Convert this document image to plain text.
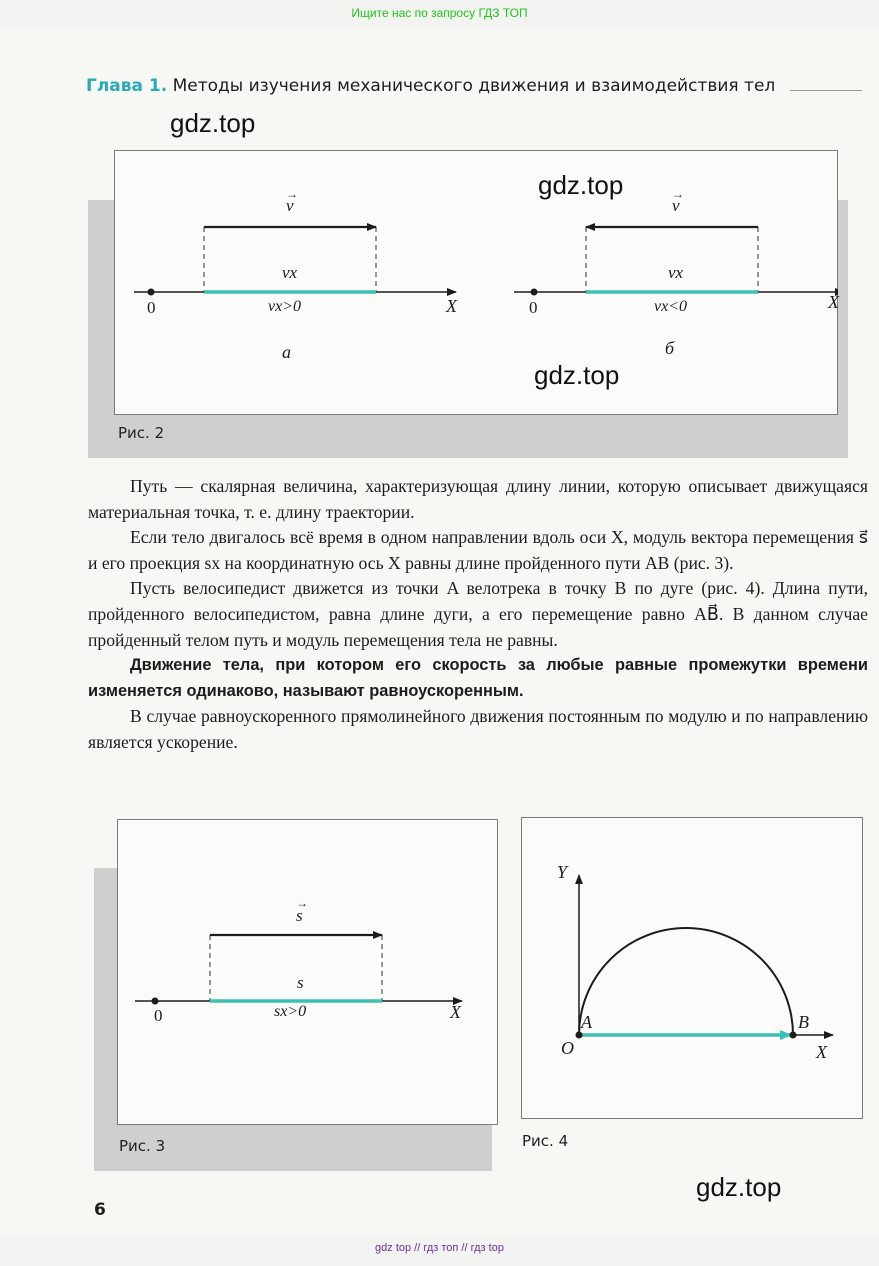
Ищите нас по запросу ГДЗ ТОП
Глава 1. Методы изучения механического движения и взаимодействия тел
→
v
vx
vx>0
0	X
а
→
v
vx
vx<0
0	X
б
Рис. 2
gdz.top
gdz.top
gdz.top
gdz.top

Путь — скалярная величина, характеризующая длину линии, которую описывает движущаяся материальная точка, т. е. длину траектории.

Если тело двигалось всё время в одном направлении вдоль оси X, модуль вектора перемещения s⃗ и его проекция sx на координатную ось X равны длине пройденного пути AB (рис. 3).

Пусть велосипедист движется из точки A велотрека в точку B по дуге (рис. 4). Длина пути, пройденного велосипедистом, равна длине дуги, а его перемещение равно AB⃗. В данном случае пройденный телом путь и модуль перемещения тела не равны.

Движение тела, при котором его скорость за любые равные промежутки времени изменяется одинаково, называют равноускоренным.

В случае равноускоренного прямолинейного движения постоянным по модулю и по направлению является ускорение.

→
s
s
sx>0
0	X
Рис. 3
Y
X
O
A	B
Рис. 4
6
gdz top // гдз топ // гдз top
